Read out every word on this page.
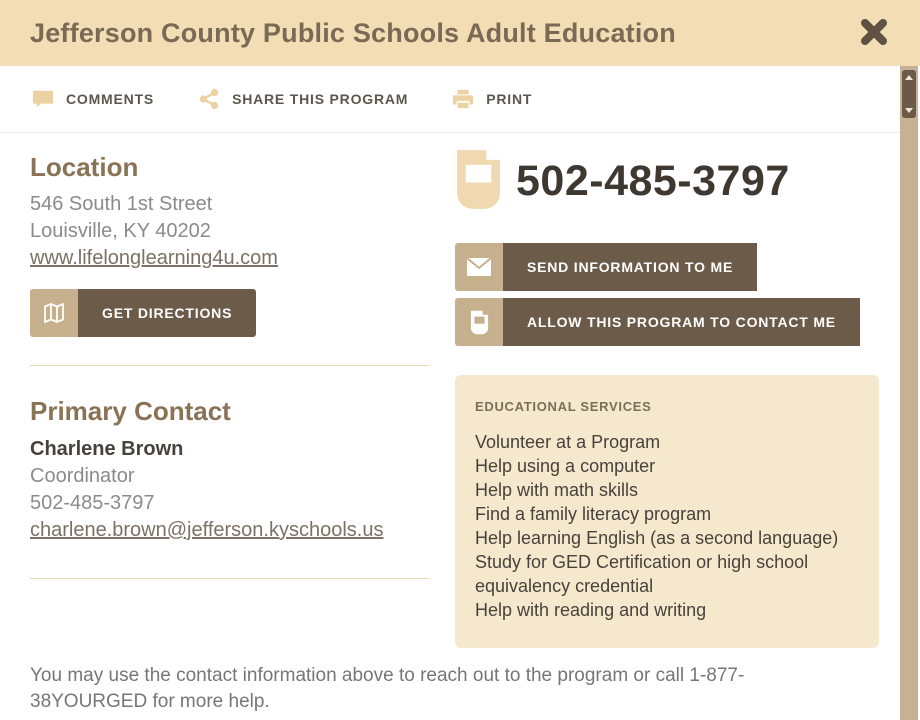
Jefferson County Public Schools Adult Education
COMMENTS	SHARE THIS PROGRAM	PRINT
Location
546 South 1st Street
Louisville, KY 40202
www.lifelonglearning4u.com
GET DIRECTIONS
Primary Contact
Charlene Brown
Coordinator
502-485-3797
charlene.brown@jefferson.kyschools.us
502-485-3797
SEND INFORMATION TO ME
ALLOW THIS PROGRAM TO CONTACT ME
EDUCATIONAL SERVICES
Volunteer at a Program
Help using a computer
Help with math skills
Find a family literacy program
Help learning English (as a second language)
Study for GED Certification or high school equivalency credential
Help with reading and writing

You may use the contact information above to reach out to the program or call 1-877-38YOURGED for more help.
